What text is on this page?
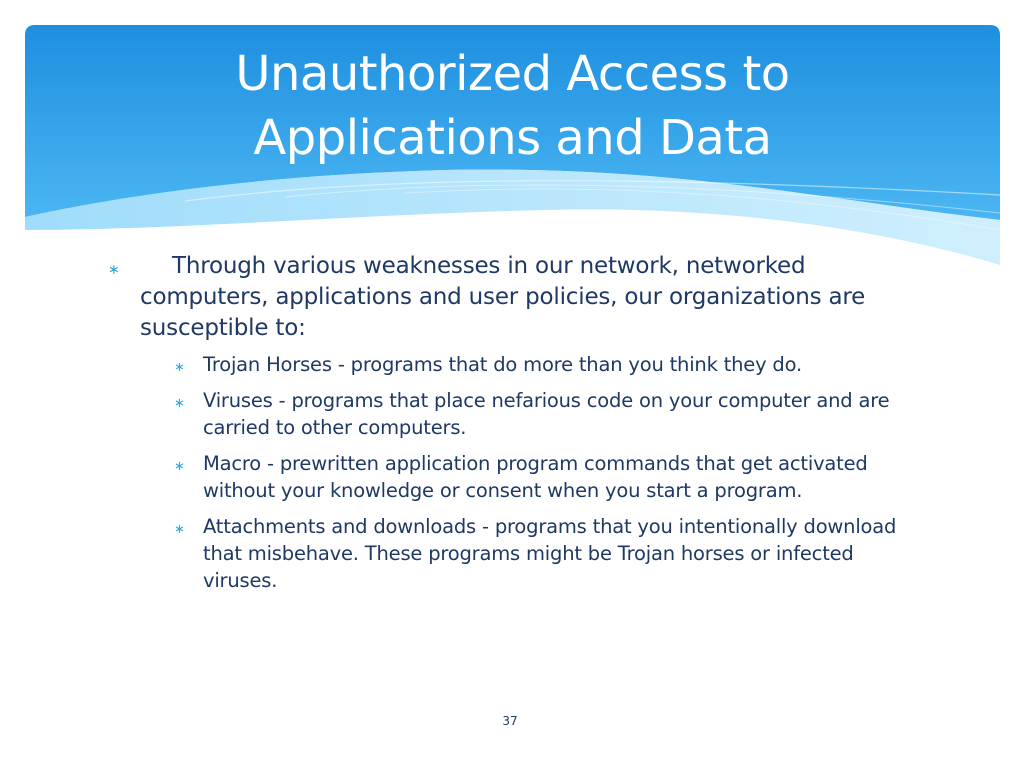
Unauthorized Access to
Applications and Data
∗	Through various weaknesses in our network, networked computers, applications and user policies, our organizations are susceptible to:
∗ Trojan Horses - programs that do more than you think they do.
∗ Viruses - programs that place nefarious code on your computer and are carried to other computers.
∗ Macro - prewritten application program commands that get activated without your knowledge or consent when you start a program.
∗ Attachments and downloads - programs that you intentionally download that misbehave. These programs might be Trojan horses or infected viruses.
37
